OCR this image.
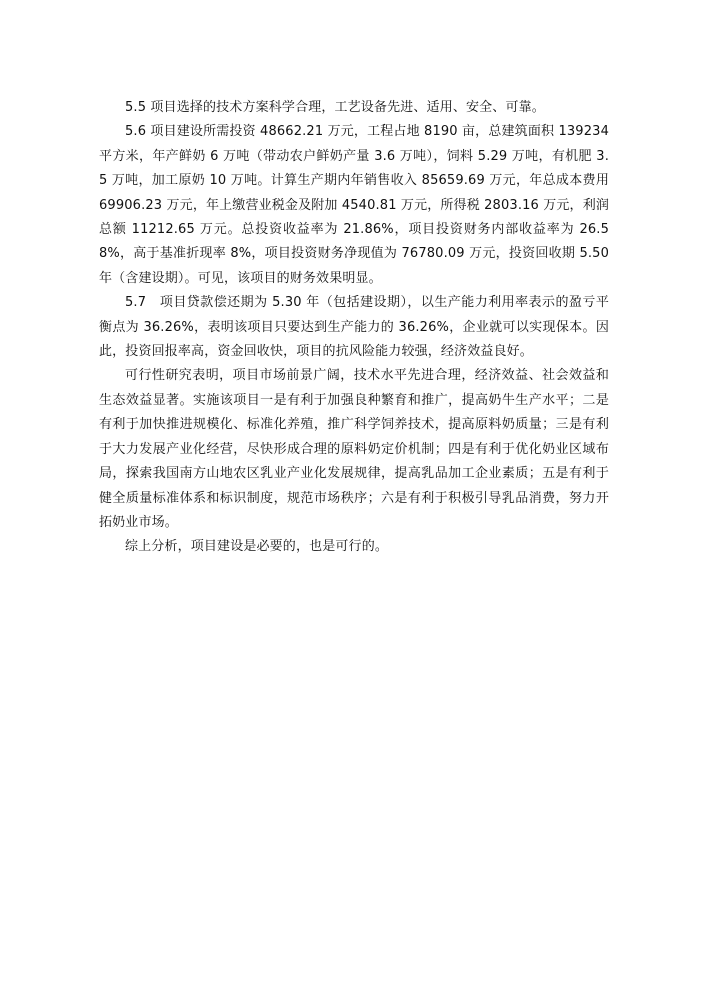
5.5 项目选择的技术方案科学合理，工艺设备先进、适用、安全、可靠。

5.6 项目建设所需投资 48662.21 万元，工程占地 8190 亩，总建筑面积 139234 平方米，年产鲜奶 6 万吨（带动农户鲜奶产量 3.6 万吨），饲料 5.29 万吨，有机肥 3.5 万吨，加工原奶 10 万吨。计算生产期内年销售收入 85659.69 万元，年总成本费用 69906.23 万元，年上缴营业税金及附加 4540.81 万元，所得税 2803.16 万元，利润总额 11212.65 万元。总投资收益率为 21.86%，项目投资财务内部收益率为 26.58%，高于基准折现率 8%，项目投资财务净现值为 76780.09 万元，投资回收期 5.50 年（含建设期）。可见，该项目的财务效果明显。

5.7　项目贷款偿还期为 5.30 年（包括建设期），以生产能力利用率表示的盈亏平衡点为 36.26%，表明该项目只要达到生产能力的 36.26%，企业就可以实现保本。因此，投资回报率高，资金回收快，项目的抗风险能力较强，经济效益良好。

可行性研究表明，项目市场前景广阔，技术水平先进合理，经济效益、社会效益和生态效益显著。实施该项目一是有利于加强良种繁育和推广，提高奶牛生产水平；二是有利于加快推进规模化、标准化养殖，推广科学饲养技术，提高原料奶质量；三是有利于大力发展产业化经营，尽快形成合理的原料奶定价机制；四是有利于优化奶业区域布局，探索我国南方山地农区乳业产业化发展规律，提高乳品加工企业素质；五是有利于健全质量标准体系和标识制度，规范市场秩序；六是有利于积极引导乳品消费，努力开拓奶业市场。

综上分析，项目建设是必要的，也是可行的。
